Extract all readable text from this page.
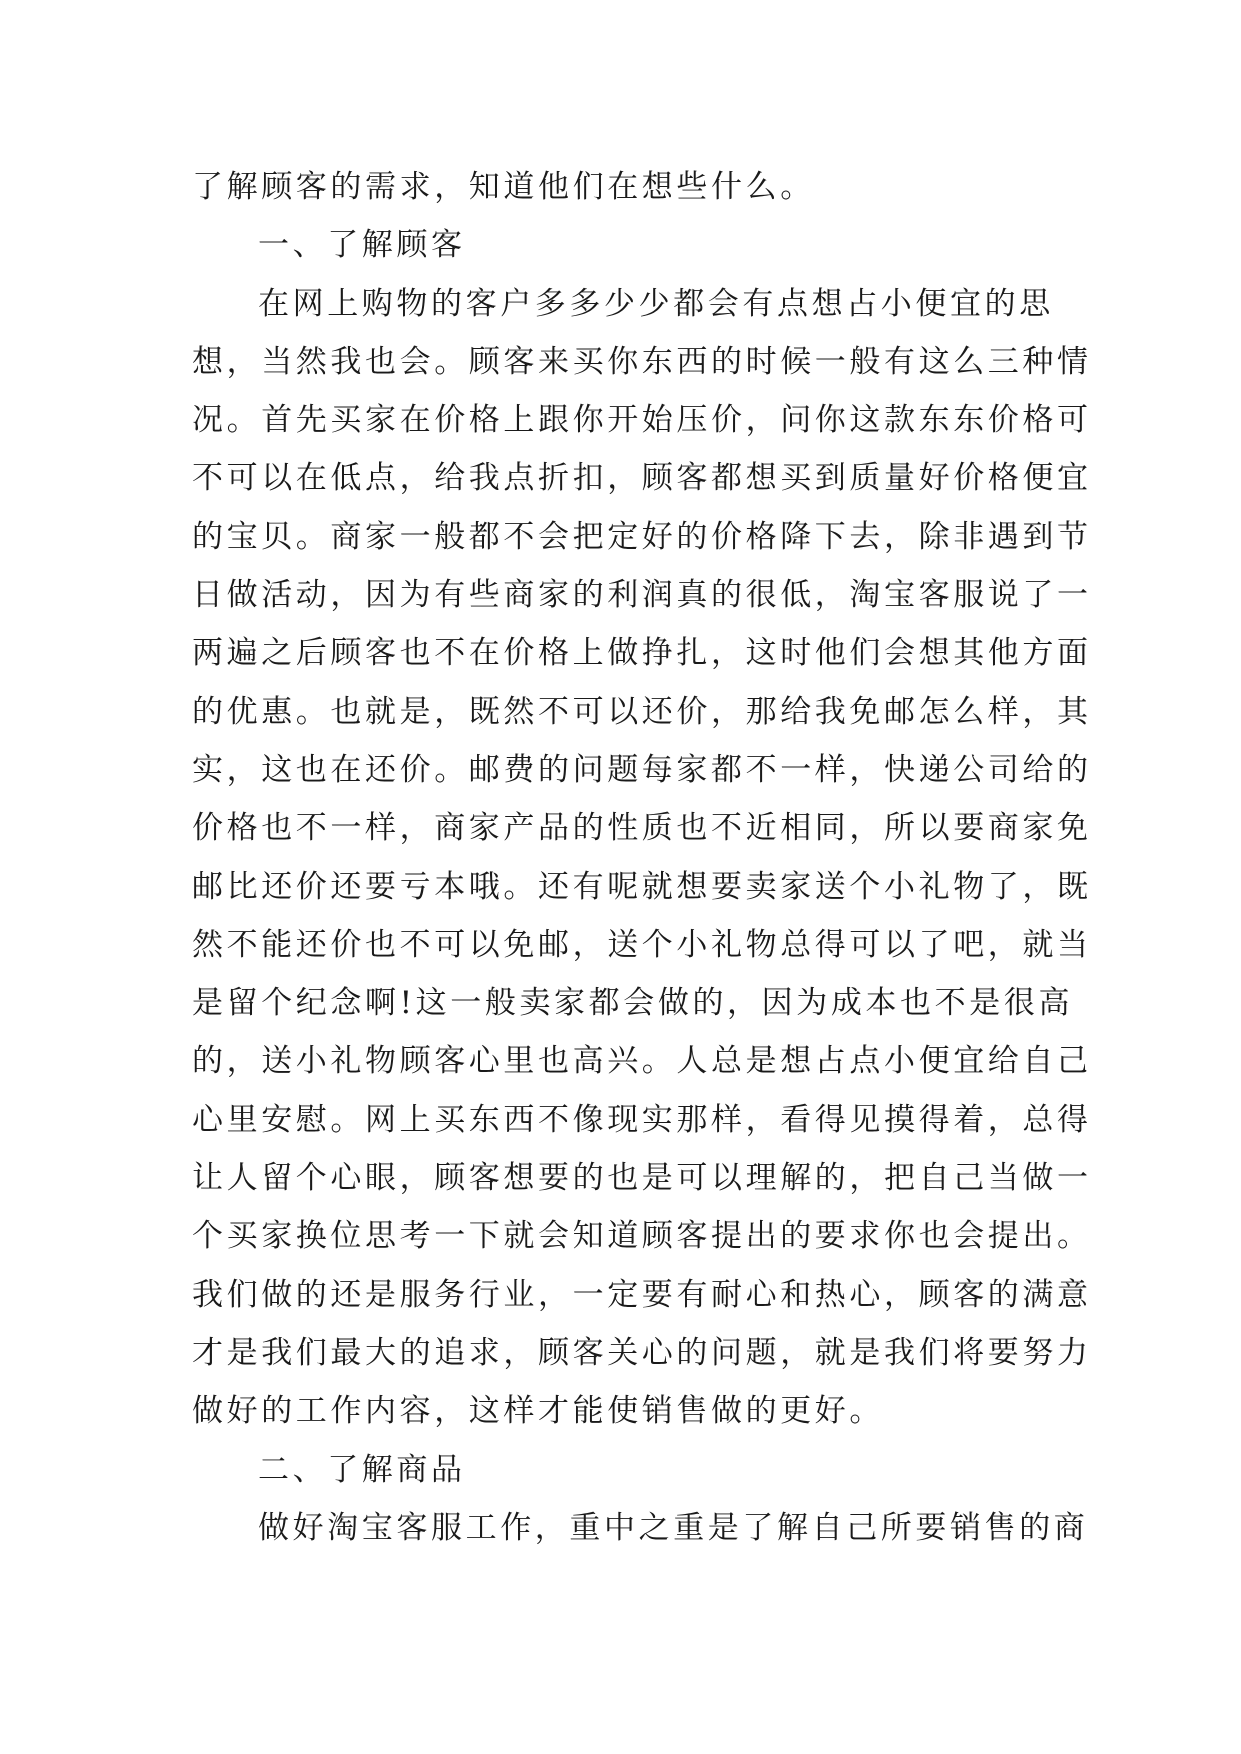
了解顾客的需求，知道他们在想些什么。
一、了解顾客
在网上购物的客户多多少少都会有点想占小便宜的思
想，当然我也会。顾客来买你东西的时候一般有这么三种情
况。首先买家在价格上跟你开始压价，问你这款东东价格可
不可以在低点，给我点折扣，顾客都想买到质量好价格便宜
的宝贝。商家一般都不会把定好的价格降下去，除非遇到节
日做活动，因为有些商家的利润真的很低，淘宝客服说了一
两遍之后顾客也不在价格上做挣扎，这时他们会想其他方面
的优惠。也就是，既然不可以还价，那给我免邮怎么样，其
实，这也在还价。邮费的问题每家都不一样，快递公司给的
价格也不一样，商家产品的性质也不近相同，所以要商家免
邮比还价还要亏本哦。还有呢就想要卖家送个小礼物了，既
然不能还价也不可以免邮，送个小礼物总得可以了吧，就当
是留个纪念啊!这一般卖家都会做的，因为成本也不是很高
的，送小礼物顾客心里也高兴。人总是想占点小便宜给自己
心里安慰。网上买东西不像现实那样，看得见摸得着，总得
让人留个心眼，顾客想要的也是可以理解的，把自己当做一
个买家换位思考一下就会知道顾客提出的要求你也会提出。
我们做的还是服务行业，一定要有耐心和热心，顾客的满意
才是我们最大的追求，顾客关心的问题，就是我们将要努力
做好的工作内容，这样才能使销售做的更好。
二、了解商品
做好淘宝客服工作，重中之重是了解自己所要销售的商
